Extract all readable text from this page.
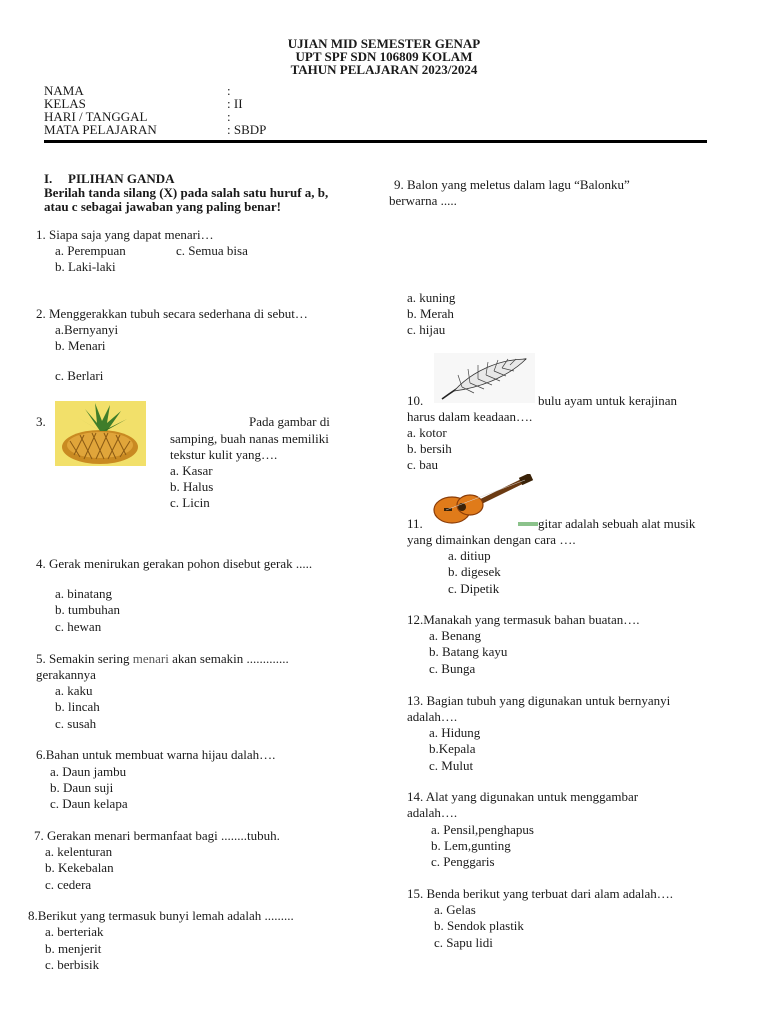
UJIAN MID SEMESTER GENAP
UPT SPF SDN 106809 KOLAM
TAHUN PELAJARAN 2023/2024
NAMA	:
KELAS	: II
HARI / TANGGAL	:
MATA PELAJARAN	: SBDP
I. PILIHAN GANDA
Berilah tanda silang (X) pada salah satu huruf a, b,
atau c sebagai jawaban yang paling benar!
1. Siapa saja yang dapat menari…
a. Perempuan	c. Semua bisa
b. Laki-laki
2. Menggerakkan tubuh secara sederhana di sebut…
a.Bernyanyi
b. Menari
c. Berlari
3.	Pada gambar di
samping, buah nanas memiliki
tekstur kulit yang….
a. Kasar
b. Halus
c. Licin
4. Gerak menirukan gerakan pohon disebut gerak .....
a. binatang
b. tumbuhan
c. hewan
5. Semakin sering menari akan semakin .............
gerakannya
a. kaku
b. lincah
c. susah
6.Bahan untuk membuat warna hijau dalah….
a. Daun jambu
b. Daun suji
c. Daun kelapa
7. Gerakan menari bermanfaat bagi ........tubuh.
a. kelenturan
b. Kekebalan
c. cedera
8.Berikut yang termasuk bunyi lemah adalah .........
a. berteriak
b. menjerit
c. berbisik
9. Balon yang meletus dalam lagu “Balonku”
berwarna .....
a. kuning
b. Merah
c. hijau
10.	bulu ayam untuk kerajinan
harus dalam keadaan….
a. kotor
b. bersih
c. bau
11.	gitar adalah sebuah alat musik
yang dimainkan dengan cara ….
a. ditiup
b. digesek
c. Dipetik
12.Manakah yang termasuk bahan buatan….
a. Benang
b. Batang kayu
c. Bunga
13. Bagian tubuh yang digunakan untuk bernyanyi
adalah….
a. Hidung
b.Kepala
c. Mulut
14. Alat yang digunakan untuk menggambar
adalah….
a. Pensil,penghapus
b. Lem,gunting
c. Penggaris
15. Benda berikut yang terbuat dari alam adalah….
a. Gelas
b. Sendok plastik
c. Sapu lidi
